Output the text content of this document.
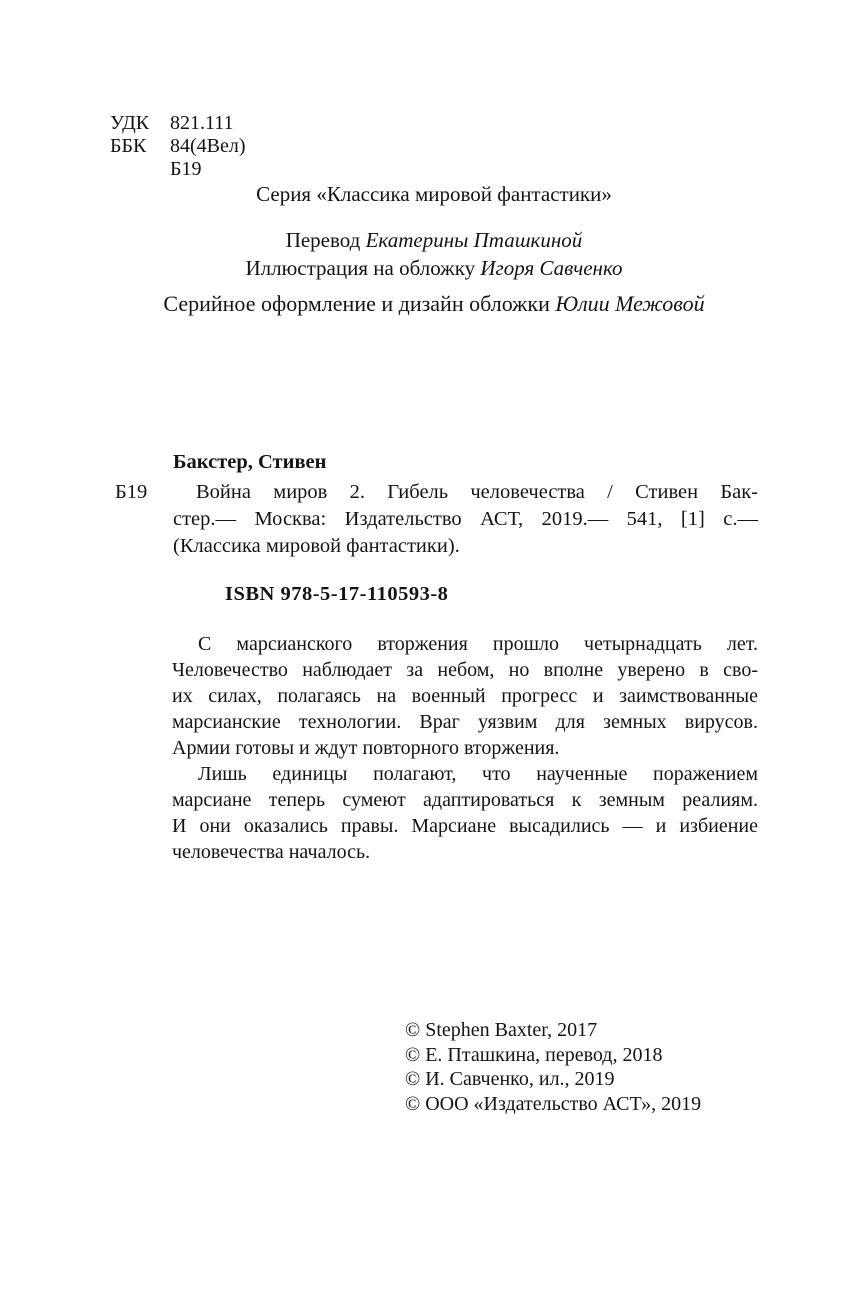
УДК	821.111
ББК	84(4Вел)
Б19
Серия «Классика мировой фантастики»
Перевод Екатерины Пташкиной
Иллюстрация на обложку Игоря Савченко
Серийное оформление и дизайн обложки Юлии Межовой
Бакстер, Стивен
Б19	Война миров 2. Гибель человечества / Стивен Бак-
стер.— Москва: Издательство АСТ, 2019.— 541, [1] с.—
(Классика мировой фантастики).
ISBN 978-5-17-110593-8
С марсианского вторжения прошло четырнадцать лет.
Человечество наблюдает за небом, но вполне уверено в сво-
их силах, полагаясь на военный прогресс и заимствованные
марсианские технологии. Враг уязвим для земных вирусов.
Армии готовы и ждут повторного вторжения.
Лишь единицы полагают, что наученные поражением
марсиане теперь сумеют адаптироваться к земным реалиям.
И они оказались правы. Марсиане высадились — и избиение
человечества началось.
© Stephen Baxter, 2017
© Е. Пташкина, перевод, 2018
© И. Савченко, ил., 2019
© ООО «Издательство АСТ», 2019
